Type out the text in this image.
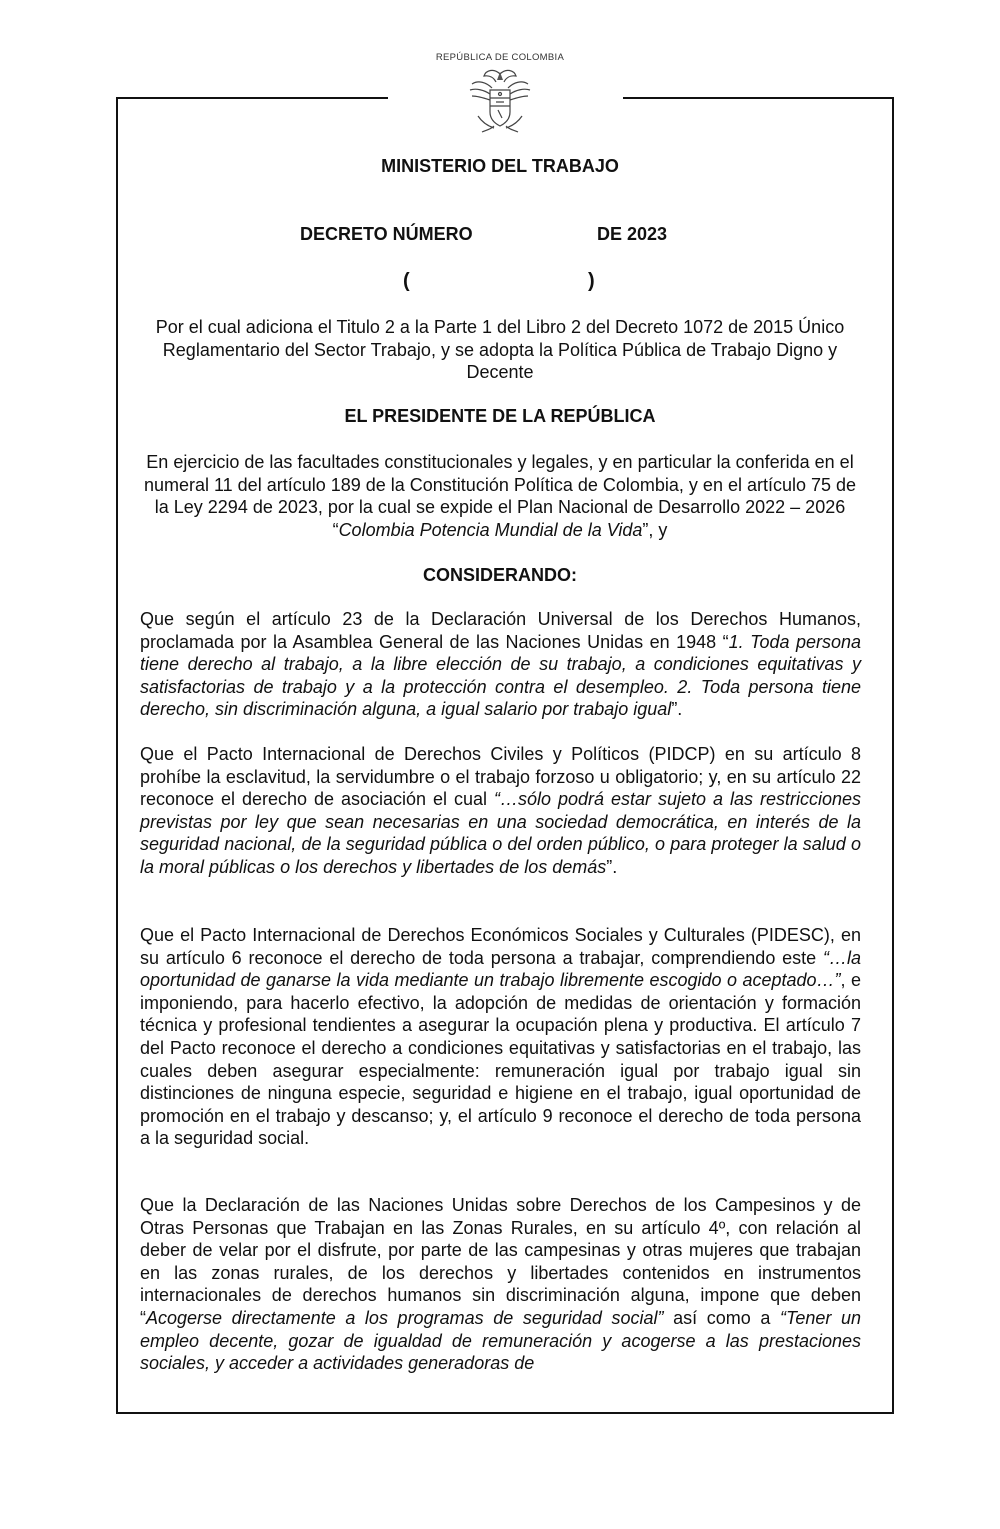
REPÚBLICA DE COLOMBIA
MINISTERIO DEL TRABAJO
DECRETO NÚMERO	DE 2023
(	)
Por el cual adiciona el Titulo 2 a la Parte 1 del Libro 2 del Decreto 1072 de 2015 Único Reglamentario del Sector Trabajo, y se adopta la Política Pública de Trabajo Digno y Decente
EL PRESIDENTE DE LA REPÚBLICA
En ejercicio de las facultades constitucionales y legales, y en particular la conferida en el numeral 11 del artículo 189 de la Constitución Política de Colombia, y en el artículo 75 de la Ley 2294 de 2023, por la cual se expide el Plan Nacional de Desarrollo 2022 – 2026 “Colombia Potencia Mundial de la Vida”, y
CONSIDERANDO:
Que según el artículo 23 de la Declaración Universal de los Derechos Humanos, proclamada por la Asamblea General de las Naciones Unidas en 1948 “1. Toda persona tiene derecho al trabajo, a la libre elección de su trabajo, a condiciones equitativas y satisfactorias de trabajo y a la protección contra el desempleo. 2. Toda persona tiene derecho, sin discriminación alguna, a igual salario por trabajo igual”.
Que el Pacto Internacional de Derechos Civiles y Políticos (PIDCP) en su artículo 8 prohíbe la esclavitud, la servidumbre o el trabajo forzoso u obligatorio; y, en su artículo 22 reconoce el derecho de asociación el cual “…sólo podrá estar sujeto a las restricciones previstas por ley que sean necesarias en una sociedad democrática, en interés de la seguridad nacional, de la seguridad pública o del orden público, o para proteger la salud o la moral públicas o los derechos y libertades de los demás”.
Que el Pacto Internacional de Derechos Económicos Sociales y Culturales (PIDESC), en su artículo 6 reconoce el derecho de toda persona a trabajar, comprendiendo este “…la oportunidad de ganarse la vida mediante un trabajo libremente escogido o aceptado…”, e imponiendo, para hacerlo efectivo, la adopción de medidas de orientación y formación técnica y profesional tendientes a asegurar la ocupación plena y productiva. El artículo 7 del Pacto reconoce el derecho a condiciones equitativas y satisfactorias en el trabajo, las cuales deben asegurar especialmente: remuneración igual por trabajo igual sin distinciones de ninguna especie, seguridad e higiene en el trabajo, igual oportunidad de promoción en el trabajo y descanso; y, el artículo 9 reconoce el derecho de toda persona a la seguridad social.
Que la Declaración de las Naciones Unidas sobre Derechos de los Campesinos y de Otras Personas que Trabajan en las Zonas Rurales, en su artículo 4º, con relación al deber de velar por el disfrute, por parte de las campesinas y otras mujeres que trabajan en las zonas rurales, de los derechos y libertades contenidos en instrumentos internacionales de derechos humanos sin discriminación alguna, impone que deben “Acogerse directamente a los programas de seguridad social” así como a “Tener un empleo decente, gozar de igualdad de remuneración y acogerse a las prestaciones sociales, y acceder a actividades generadoras de
